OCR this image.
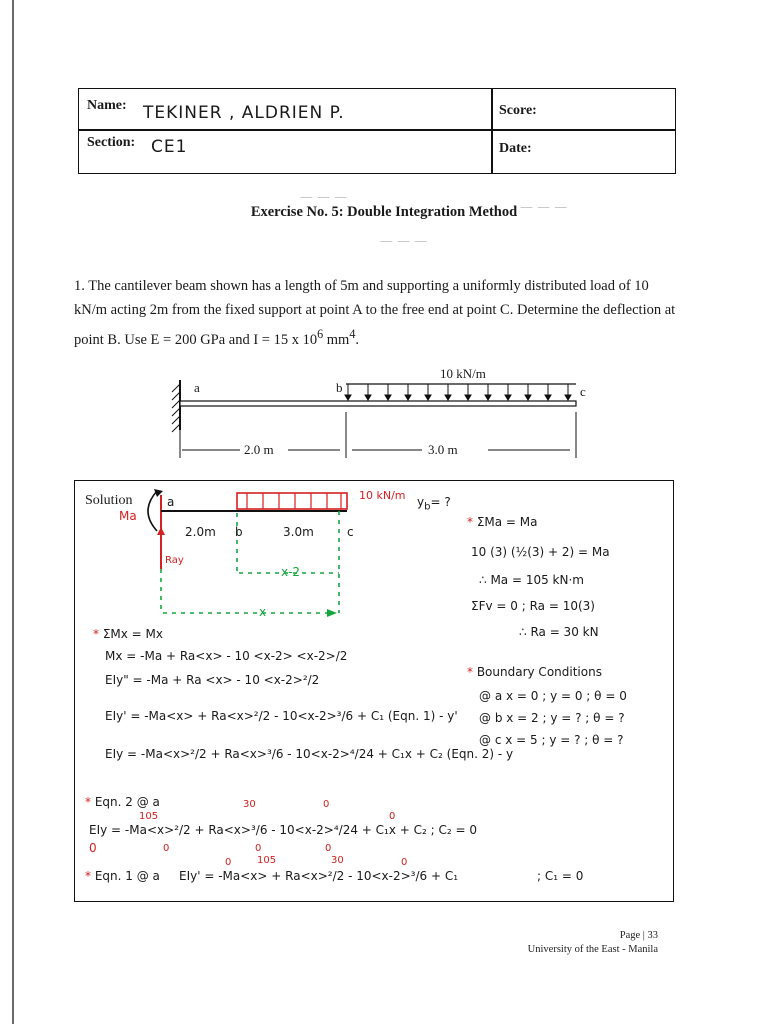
— — —
— — —
— — —
Name: TEKINER , ALDRIEN P.
Section: CE1
Score:
Date:
Exercise No. 5: Double Integration Method

1. The cantilever beam shown has a length of 5m and supporting a uniformly distributed load of 10 kN/m acting 2m from the fixed support at point A to the free end at point C. Determine the deflection at point B. Use E = 200 GPa and I = 15 x $10^6$ $mm^4$.

10 kN/m
a	b	c
2.0 m	3.0 m
Solution
Ma
a	10 kN/m $y_b=$ ?
2.0m b	3.0m	c
Ray
x-2
x
* ΣMa = Ma
10 (3) (½(3) + 2) = Ma
∴ Ma = 105 kN·m
ΣFv = 0 ; Ra = 10(3)
∴ Ra = 30 kN
* Boundary Conditions
@ a x = 0 ; y = 0 ; θ = 0
@ b x = 2 ; y = ? ; θ = ?
@ c x = 5 ; y = ? ; θ = ?
* ΣMx = Mx
Mx = -Ma + Ra<x> - 10 <x-2> <x-2>/2
EIy" = -Ma + Ra <x> - 10 <x-2>²/2
EIy' = -Ma<x> + Ra<x>²/2 - 10<x-2>³/6 + C₁ (Eqn. 1) - y'
EIy = -Ma<x>²/2 + Ra<x>³/6 - 10<x-2>⁴/24 + C₁x + C₂ (Eqn. 2) - y
* Eqn. 2 @ a
EIy = -Ma<x>²/2 + Ra<x>³/6 - 10<x-2>⁴/24 + C₁x + C₂ ; C₂ = 0
* Eqn. 1 @ a EIy' = -Ma<x> + Ra<x>²/2 - 10<x-2>³/6 + C₁	; C₁ = 0
0
105
0
30
0
0
0
0
105	30
0	0
Page | 33
University of the East - Manila
